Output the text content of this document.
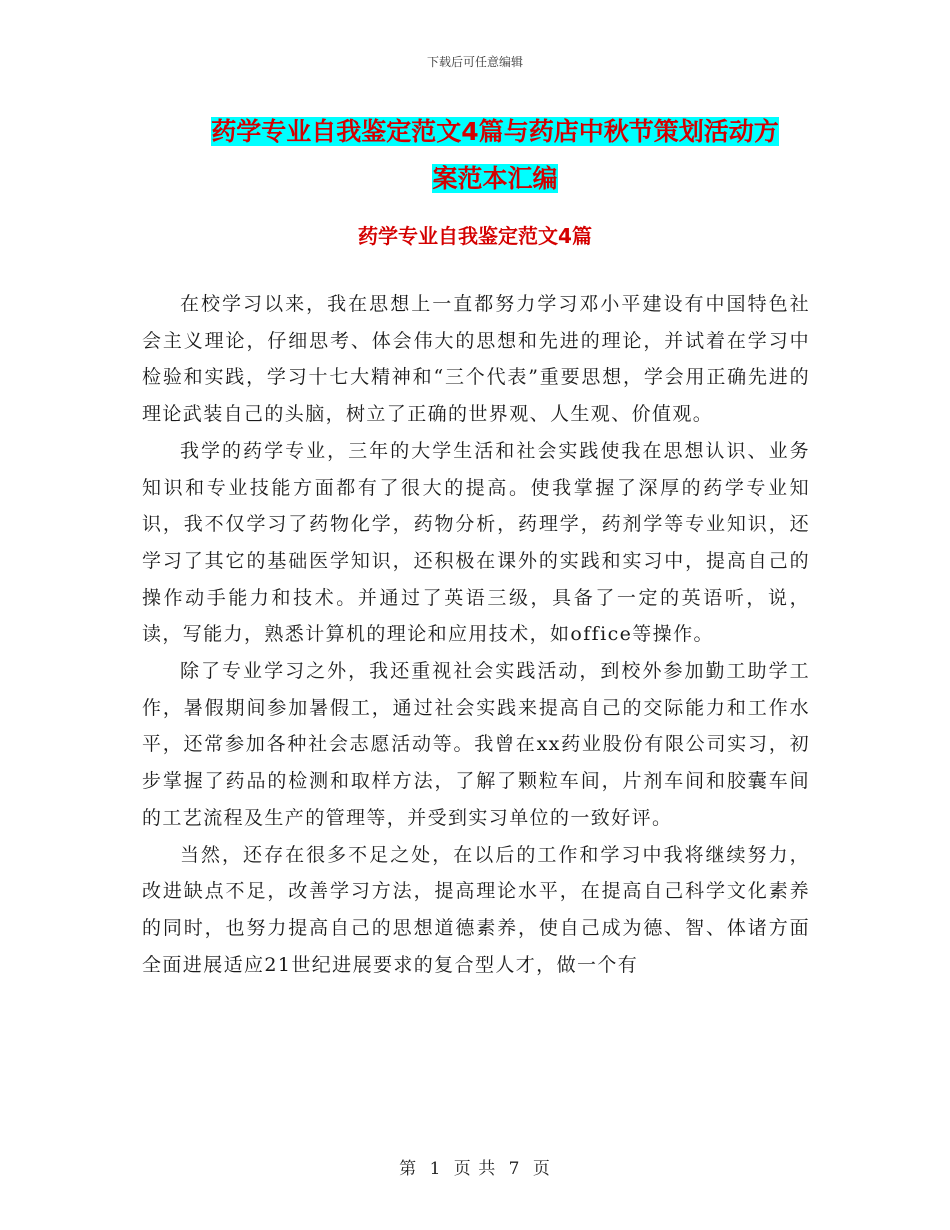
下载后可任意编辑
药学专业自我鉴定范文4篇与药店中秋节策划活动方
案范本汇编
药学专业自我鉴定范文4篇

在校学习以来，我在思想上一直都努力学习邓小平建设有中国特色社会主义理论，仔细思考、体会伟大的思想和先进的理论，并试着在学习中检验和实践，学习十七大精神和“三个代表”重要思想，学会用正确先进的理论武装自己的头脑，树立了正确的世界观、人生观、价值观。

我学的药学专业，三年的大学生活和社会实践使我在思想认识、业务知识和专业技能方面都有了很大的提高。使我掌握了深厚的药学专业知识，我不仅学习了药物化学，药物分析，药理学，药剂学等专业知识，还学习了其它的基础医学知识，还积极在课外的实践和实习中，提高自己的操作动手能力和技术。并通过了英语三级，具备了一定的英语听，说，读，写能力，熟悉计算机的理论和应用技术，如office等操作。

除了专业学习之外，我还重视社会实践活动，到校外参加勤工助学工作，暑假期间参加暑假工，通过社会实践来提高自己的交际能力和工作水平，还常参加各种社会志愿活动等。我曾在xx药业股份有限公司实习，初步掌握了药品的检测和取样方法，了解了颗粒车间，片剂车间和胶囊车间的工艺流程及生产的管理等，并受到实习单位的一致好评。

当然，还存在很多不足之处，在以后的工作和学习中我将继续努力，改进缺点不足，改善学习方法，提高理论水平，在提高自己科学文化素养的同时，也努力提高自己的思想道德素养，使自己成为德、智、体诸方面全面进展适应21世纪进展要求的复合型人才，做一个有

第 1 页 共 7 页
